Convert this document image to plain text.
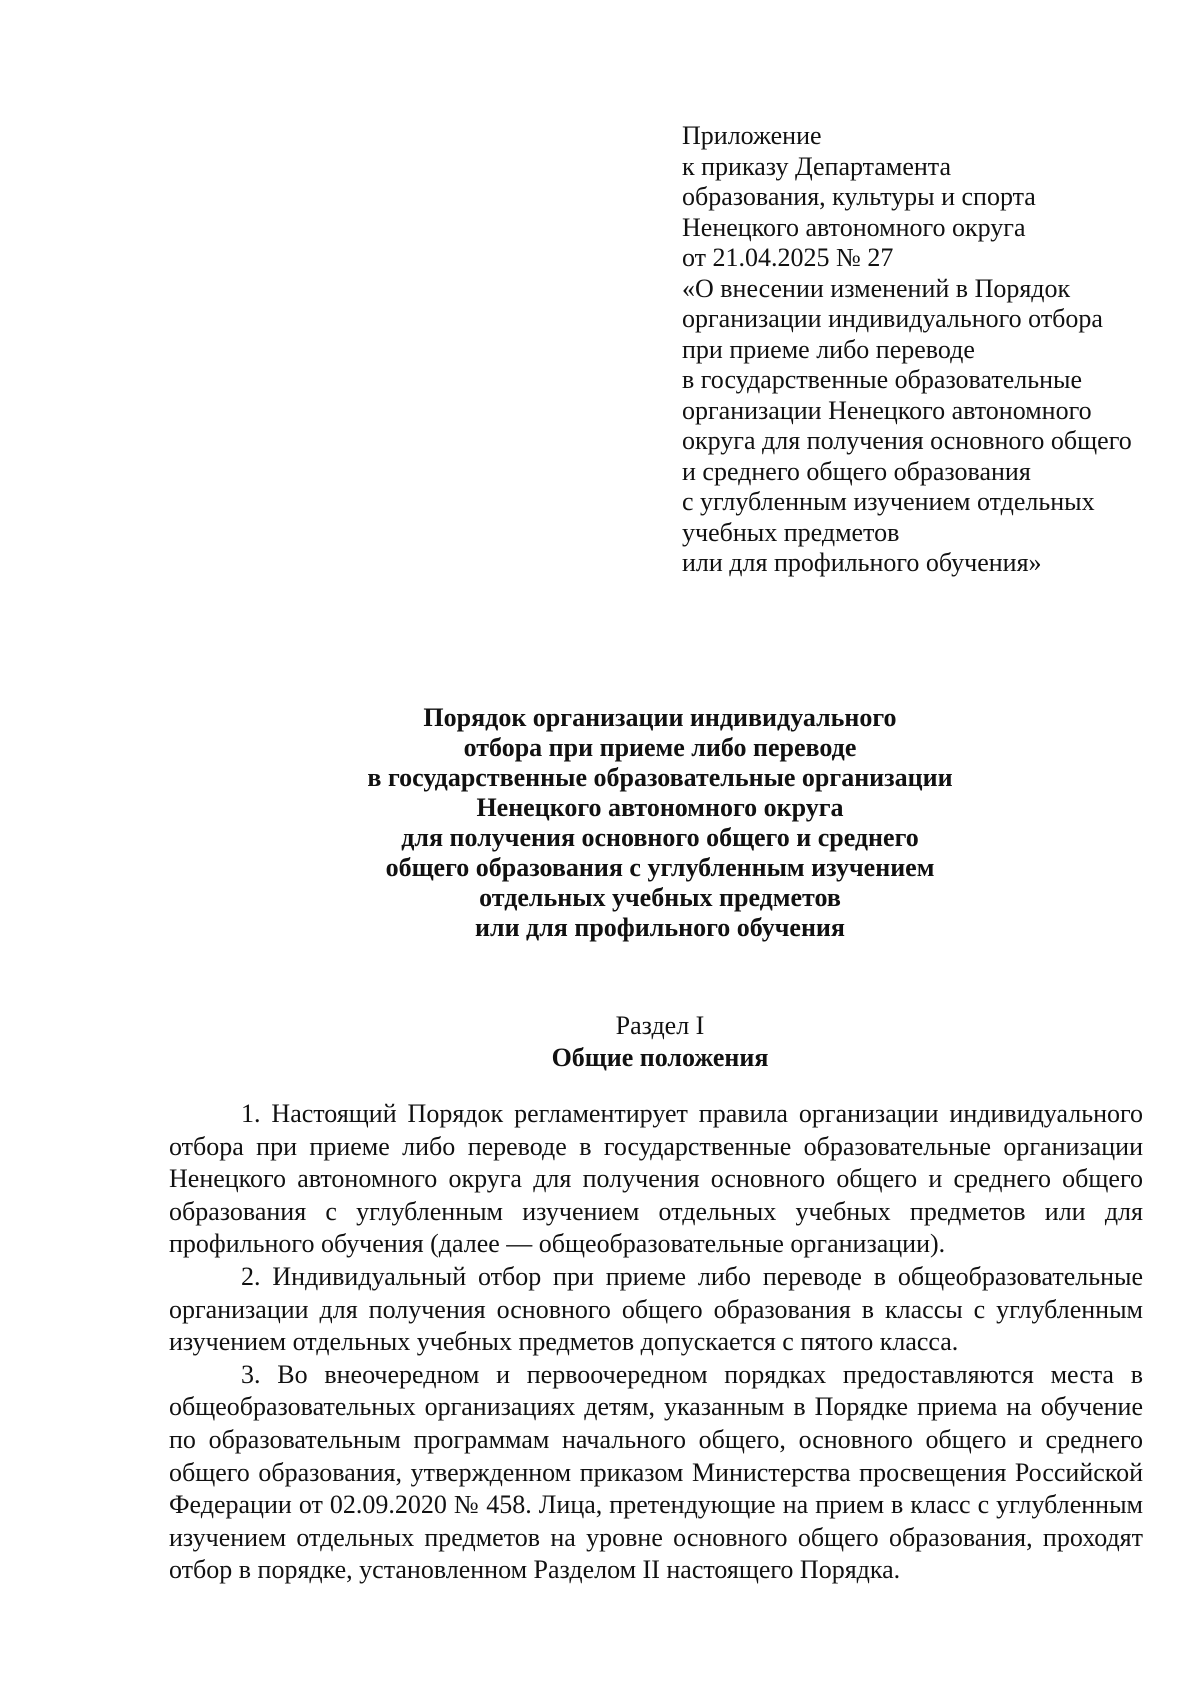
Приложение
к приказу Департамента
образования, культуры и спорта
Ненецкого автономного округа
от 21.04.2025 № 27
«О внесении изменений в Порядок
организации индивидуального отбора
при приеме либо переводе
в государственные образовательные
организации Ненецкого автономного
округа для получения основного общего
и среднего общего образования
с углубленным изучением отдельных
учебных предметов
или для профильного обучения»
Порядок организации индивидуального
отбора при приеме либо переводе
в государственные образовательные организации
Ненецкого автономного округа
для получения основного общего и среднего
общего образования с углубленным изучением
отдельных учебных предметов
или для профильного обучения
Раздел I
Общие положения

1. Настоящий Порядок регламентирует правила организации индивидуального отбора при приеме либо переводе в государственные образовательные организации Ненецкого автономного округа для получения основного общего и среднего общего образования с углубленным изучением отдельных учебных предметов или для профильного обучения (далее — общеобразовательные организации).

2. Индивидуальный отбор при приеме либо переводе в общеобразовательные организации для получения основного общего образования в классы с углубленным изучением отдельных учебных предметов допускается с пятого класса.

3. Во внеочередном и первоочередном порядках предоставляются места в общеобразовательных организациях детям, указанным в Порядке приема на обучение по образовательным программам начального общего, основного общего и среднего общего образования, утвержденном приказом Министерства просвещения Российской Федерации от 02.09.2020 № 458. Лица, претендующие на прием в класс с углубленным изучением отдельных предметов на уровне основного общего образования, проходят отбор в порядке, установленном Разделом II настоящего Порядка.
